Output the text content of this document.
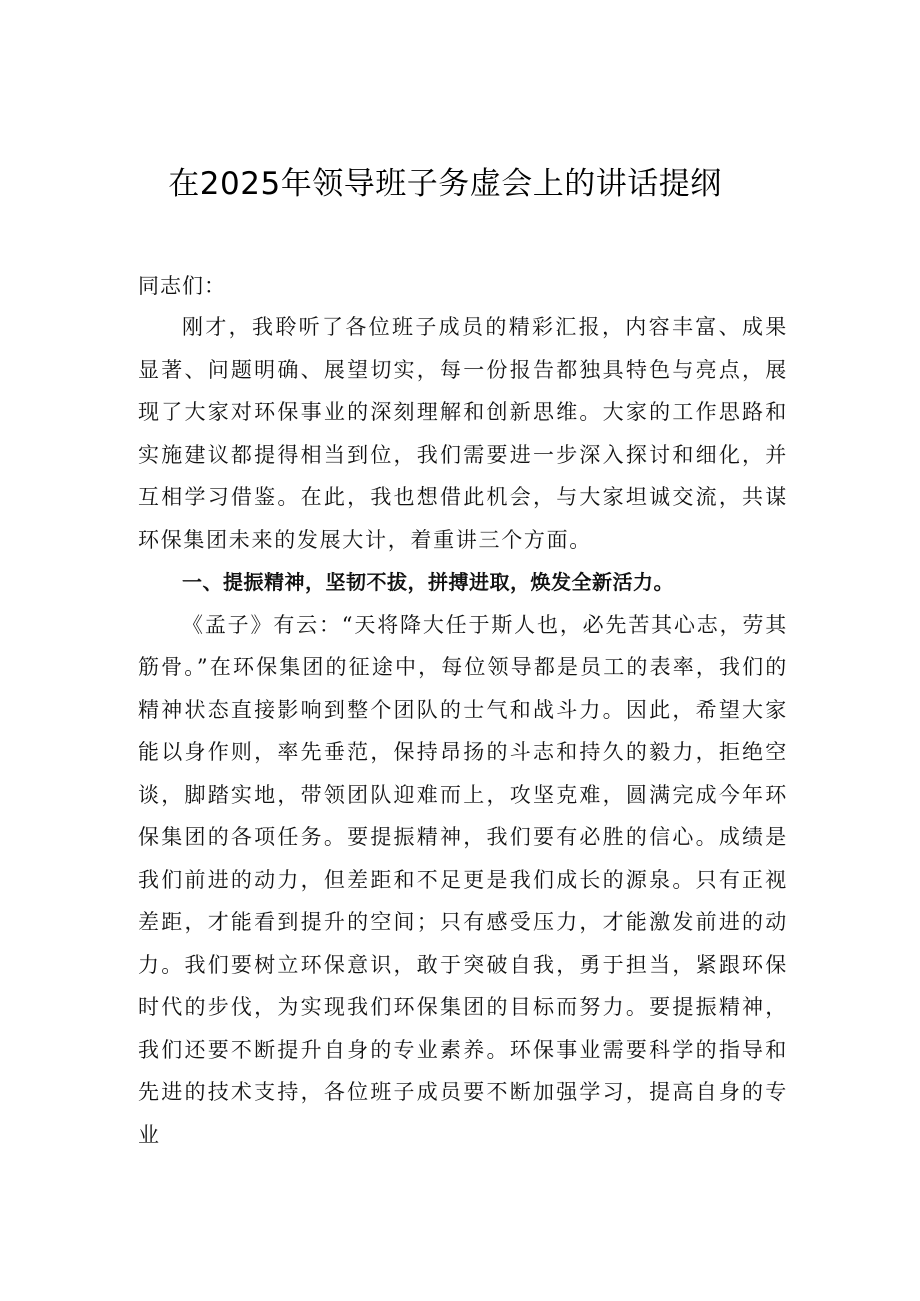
在2025年领导班子务虚会上的讲话提纲

同志们：

刚才，我聆听了各位班子成员的精彩汇报，内容丰富、成果显著、问题明确、展望切实，每一份报告都独具特色与亮点，展现了大家对环保事业的深刻理解和创新思维。大家的工作思路和实施建议都提得相当到位，我们需要进一步深入探讨和细化，并互相学习借鉴。在此，我也想借此机会，与大家坦诚交流，共谋环保集团未来的发展大计，着重讲三个方面。

一、提振精神，坚韧不拔，拼搏进取，焕发全新活力。

《孟子》有云：“天将降大任于斯人也，必先苦其心志，劳其筋骨。”在环保集团的征途中，每位领导都是员工的表率，我们的精神状态直接影响到整个团队的士气和战斗力。因此，希望大家能以身作则，率先垂范，保持昂扬的斗志和持久的毅力，拒绝空谈，脚踏实地，带领团队迎难而上，攻坚克难，圆满完成今年环保集团的各项任务。要提振精神，我们要有必胜的信心。成绩是我们前进的动力，但差距和不足更是我们成长的源泉。只有正视差距，才能看到提升的空间；只有感受压力，才能激发前进的动力。我们要树立环保意识，敢于突破自我，勇于担当，紧跟环保时代的步伐，为实现我们环保集团的目标而努力。要提振精神，我们还要不断提升自身的专业素养。环保事业需要科学的指导和先进的技术支持，各位班子成员要不断加强学习，提高自身的专业
